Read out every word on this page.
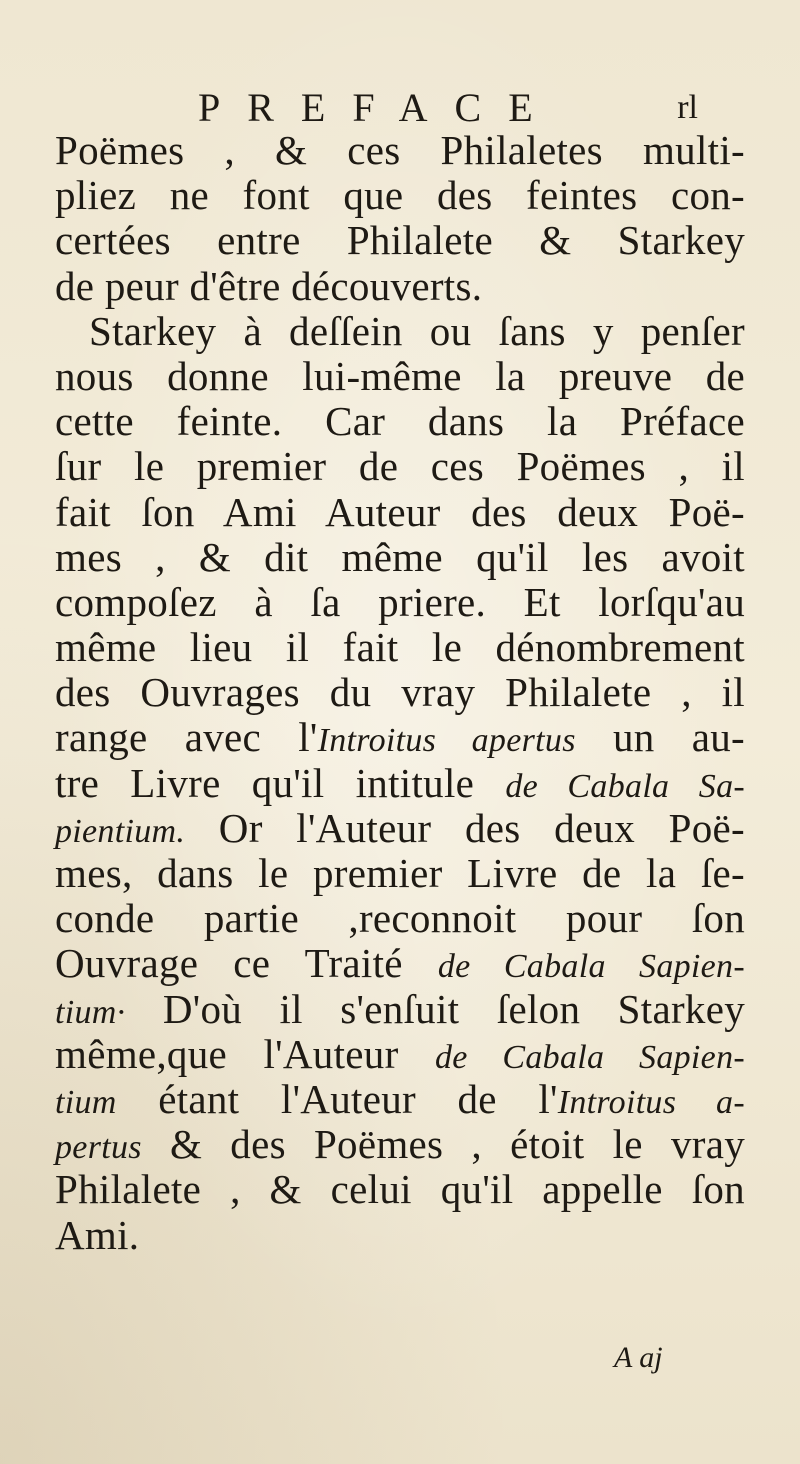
PREFACE	rl
Poëmes , & ces Philaletes multi-
pliez ne font que des feintes con-
certées entre Philalete & Starkey
de peur d'être découverts.
Starkey à deſſein ou ſans y penſer
nous donne lui-même la preuve de
cette feinte. Car dans la Préface
ſur le premier de ces Poëmes , il
fait ſon Ami Auteur des deux Poë-
mes , & dit même qu'il les avoit
compoſez à ſa priere. Et lorſqu'au
même lieu il fait le dénombrement
des Ouvrages du vray Philalete , il
range avec l'Introitus apertus un au-
tre Livre qu'il intitule de Cabala Sa-
pientium. Or l'Auteur des deux Poë-
mes, dans le premier Livre de la ſe-
conde partie ,reconnoit pour ſon
Ouvrage ce Traité de Cabala Sapien-
tium· D'où il s'enſuit ſelon Starkey
même,que l'Auteur de Cabala Sapien-
tium étant l'Auteur de l'Introitus a-
pertus & des Poëmes , étoit le vray
Philalete , & celui qu'il appelle ſon
Ami.
A aj
